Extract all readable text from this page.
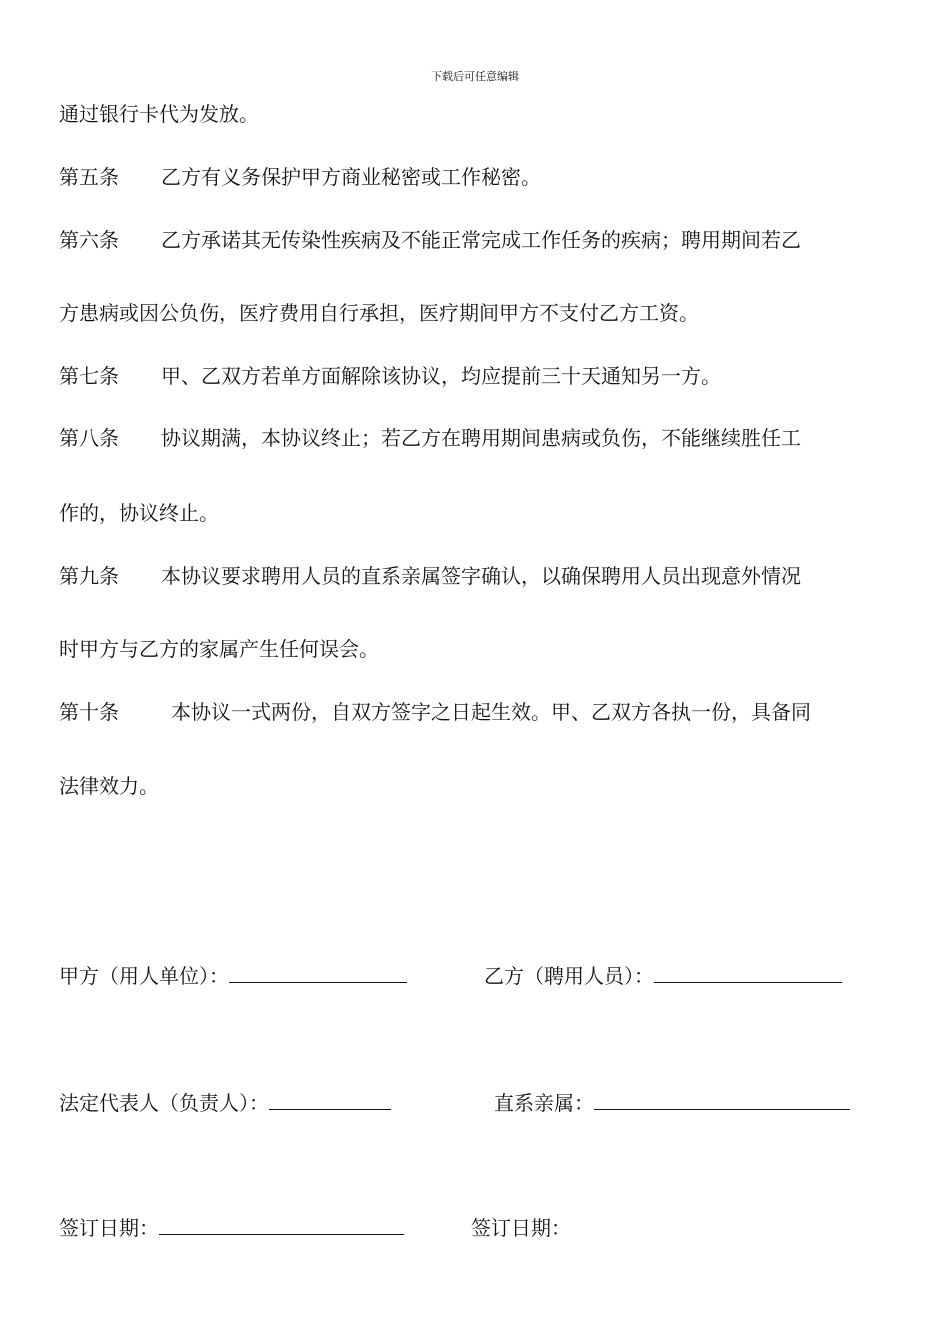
下载后可任意编辑
通过银行卡代为发放。
第五条 乙方有义务保护甲方商业秘密或工作秘密。
第六条 乙方承诺其无传染性疾病及不能正常完成工作任务的疾病；聘用期间若乙
方患病或因公负伤，医疗费用自行承担，医疗期间甲方不支付乙方工资。
第七条 甲、乙双方若单方面解除该协议，均应提前三十天通知另一方。
第八条 协议期满，本协议终止；若乙方在聘用期间患病或负伤，不能继续胜任工
作的，协议终止。
第九条 本协议要求聘用人员的直系亲属签字确认，以确保聘用人员出现意外情况
时甲方与乙方的家属产生任何误会。
第十条	本协议一式两份，自双方签字之日起生效。甲、乙双方各执一份，具备同
法律效力。
甲方（用人单位）：	乙方（聘用人员）：
法定代表人（负责人）：	直系亲属：
签订日期：	签订日期：
